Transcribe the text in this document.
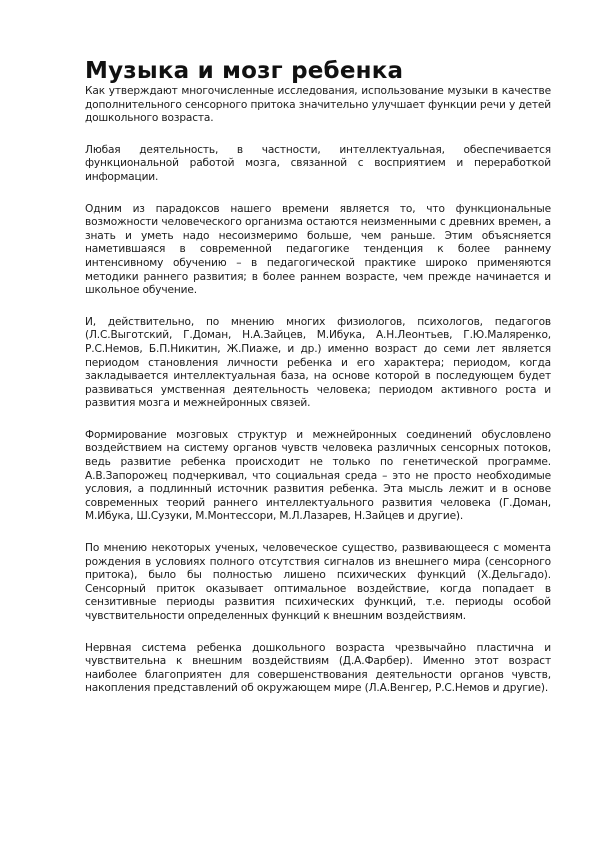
Музыка и мозг ребенка

Как утверждают многочисленные исследования, использование музыки в качестве дополнительного сенсорного притока значительно улучшает функции речи у детей дошкольного возраста.

Любая деятельность, в частности, интеллектуальная, обеспечивается функциональной работой мозга, связанной с восприятием и переработкой информации.

Одним из парадоксов нашего времени является то, что функциональные возможности человеческого организма остаются неизменными с древних времен, а знать и уметь надо несоизмеримо больше, чем раньше. Этим объясняется наметившаяся в современной педагогике тенденция к более раннему интенсивному обучению – в педагогической практике широко применяются методики раннего развития; в более раннем возрасте, чем прежде начинается и школьное обучение.

И, действительно, по мнению многих физиологов, психологов, педагогов (Л.С.Выготский, Г.Доман, Н.А.Зайцев, М.Ибука, А.Н.Леонтьев, Г.Ю.Маляренко, Р.С.Немов, Б.П.Никитин, Ж.Пиаже, и др.) именно возраст до семи лет является периодом становления личности ребенка и его характера; периодом, когда закладывается интеллектуальная база, на основе которой в последующем будет развиваться умственная деятельность человека; периодом активного роста и развития мозга и межнейронных связей.

Формирование мозговых структур и межнейронных соединений обусловлено воздействием на систему органов чувств человека различных сенсорных потоков, ведь развитие ребенка происходит не только по генетической программе. А.В.Запорожец подчеркивал, что социальная среда – это не просто необходимые условия, а подлинный источник развития ребенка. Эта мысль лежит и в основе современных теорий раннего интеллектуального развития человека (Г.Доман, М.Ибука, Ш.Сузуки, М.Монтессори, М.Л.Лазарев, Н.Зайцев и другие).

По мнению некоторых ученых, человеческое существо, развивающееся с момента рождения в условиях полного отсутствия сигналов из внешнего мира (сенсорного притока), было бы полностью лишено психических функций (Х.Дельгадо). Сенсорный приток оказывает оптимальное воздействие, когда попадает в сензитивные периоды развития психических функций, т.е. периоды особой чувствительности определенных функций к внешним воздействиям.

Нервная система ребенка дошкольного возраста чрезвычайно пластична и чувствительна к внешним воздействиям (Д.А.Фарбер). Именно этот возраст наиболее благоприятен для совершенствования деятельности органов чувств, накопления представлений об окружающем мире (Л.А.Венгер, Р.С.Немов и другие).
